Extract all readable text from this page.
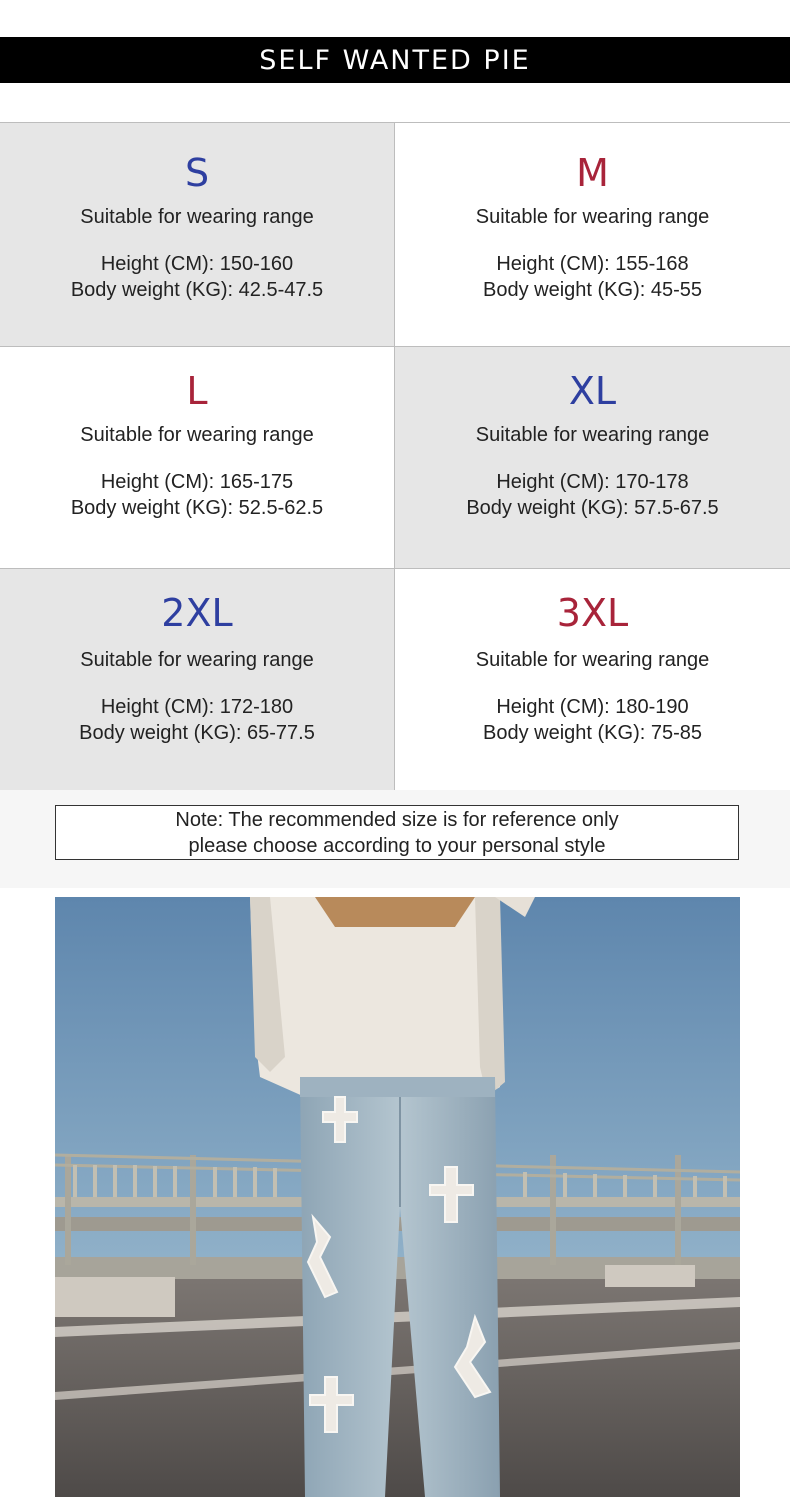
SELF WANTED PIE
S
Suitable for wearing range
Height (CM): 150-160
Body weight (KG): 42.5-47.5
M
Suitable for wearing range
Height (CM): 155-168
Body weight (KG): 45-55
L
Suitable for wearing range
Height (CM): 165-175
Body weight (KG): 52.5-62.5
XL
Suitable for wearing range
Height (CM): 170-178
Body weight (KG): 57.5-67.5
2XL
Suitable for wearing range
Height (CM): 172-180
Body weight (KG): 65-77.5
3XL
Suitable for wearing range
Height (CM): 180-190
Body weight (KG): 75-85
Note: The recommended size is for reference only
please choose according to your personal style
